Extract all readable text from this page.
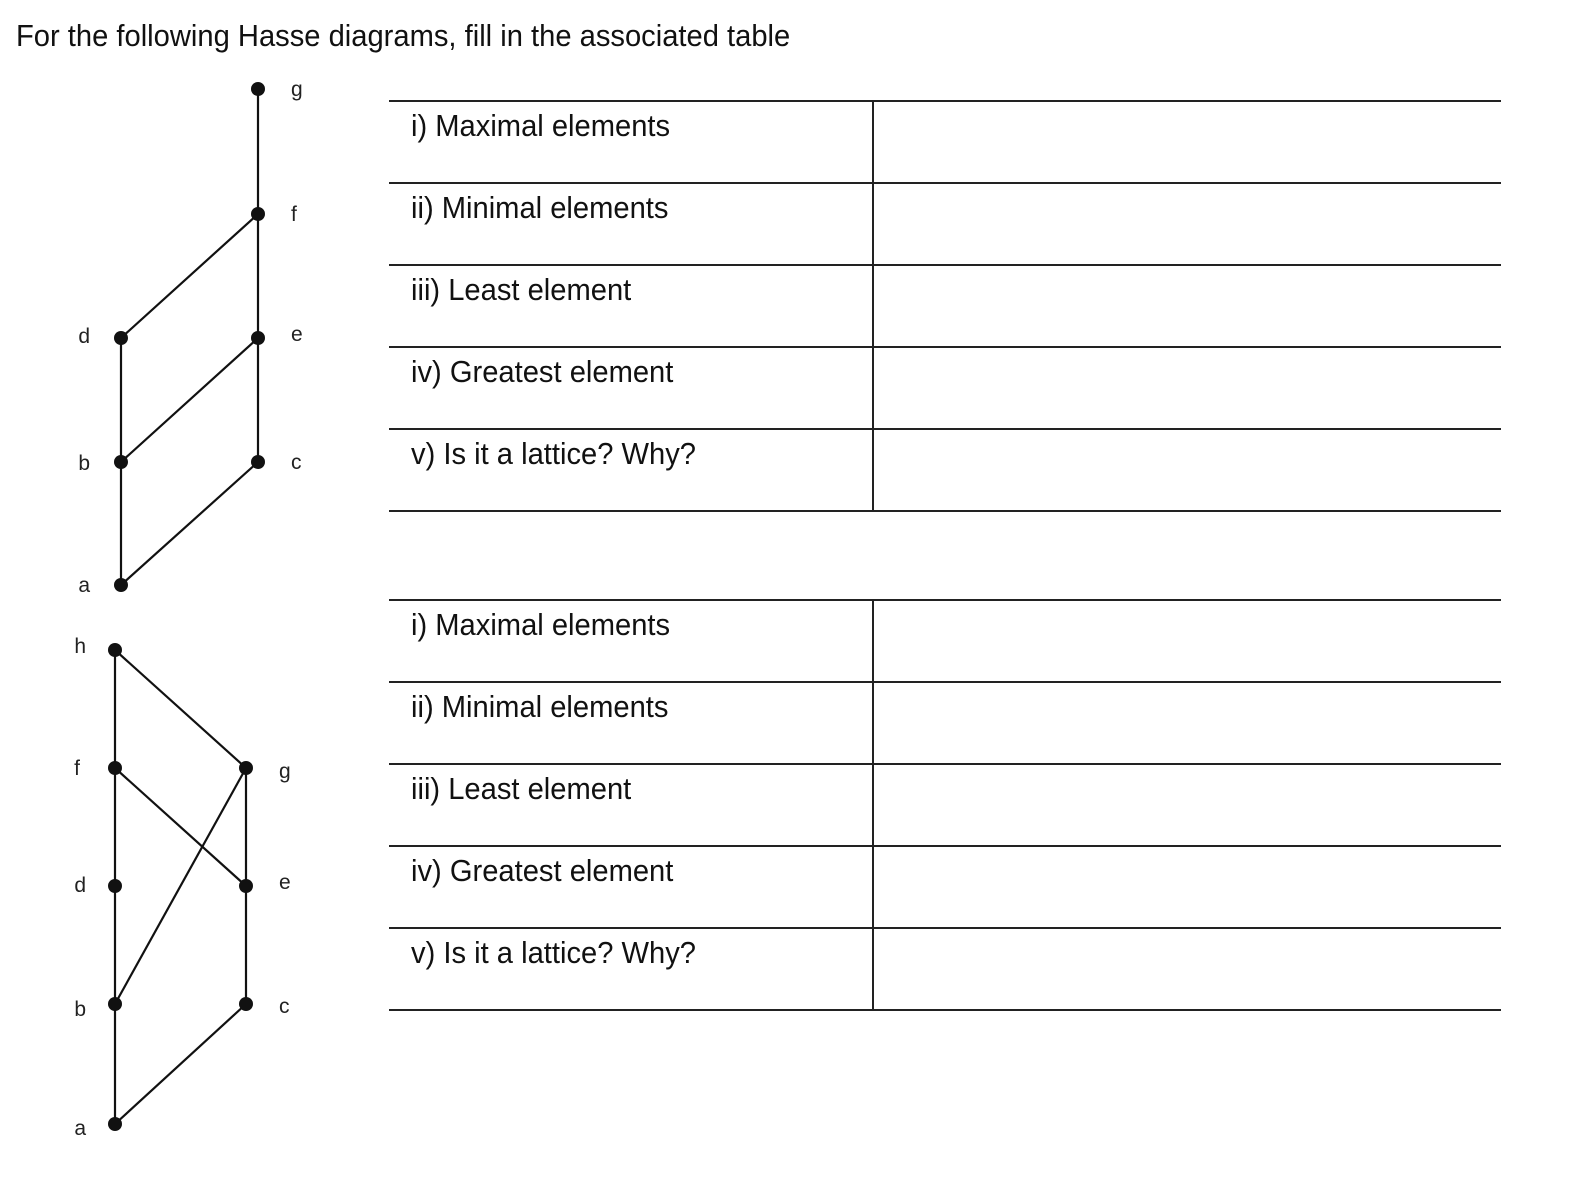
For the following Hasse diagrams, fill in the associated table
g
f
e
d
c
b
a
h
g
f
e
d
c
b
a
i) Maximal elements
ii) Minimal elements
iii) Least element
iv) Greatest element
v) Is it a lattice? Why?
i) Maximal elements
ii) Minimal elements
iii) Least element
iv) Greatest element
v) Is it a lattice? Why?
